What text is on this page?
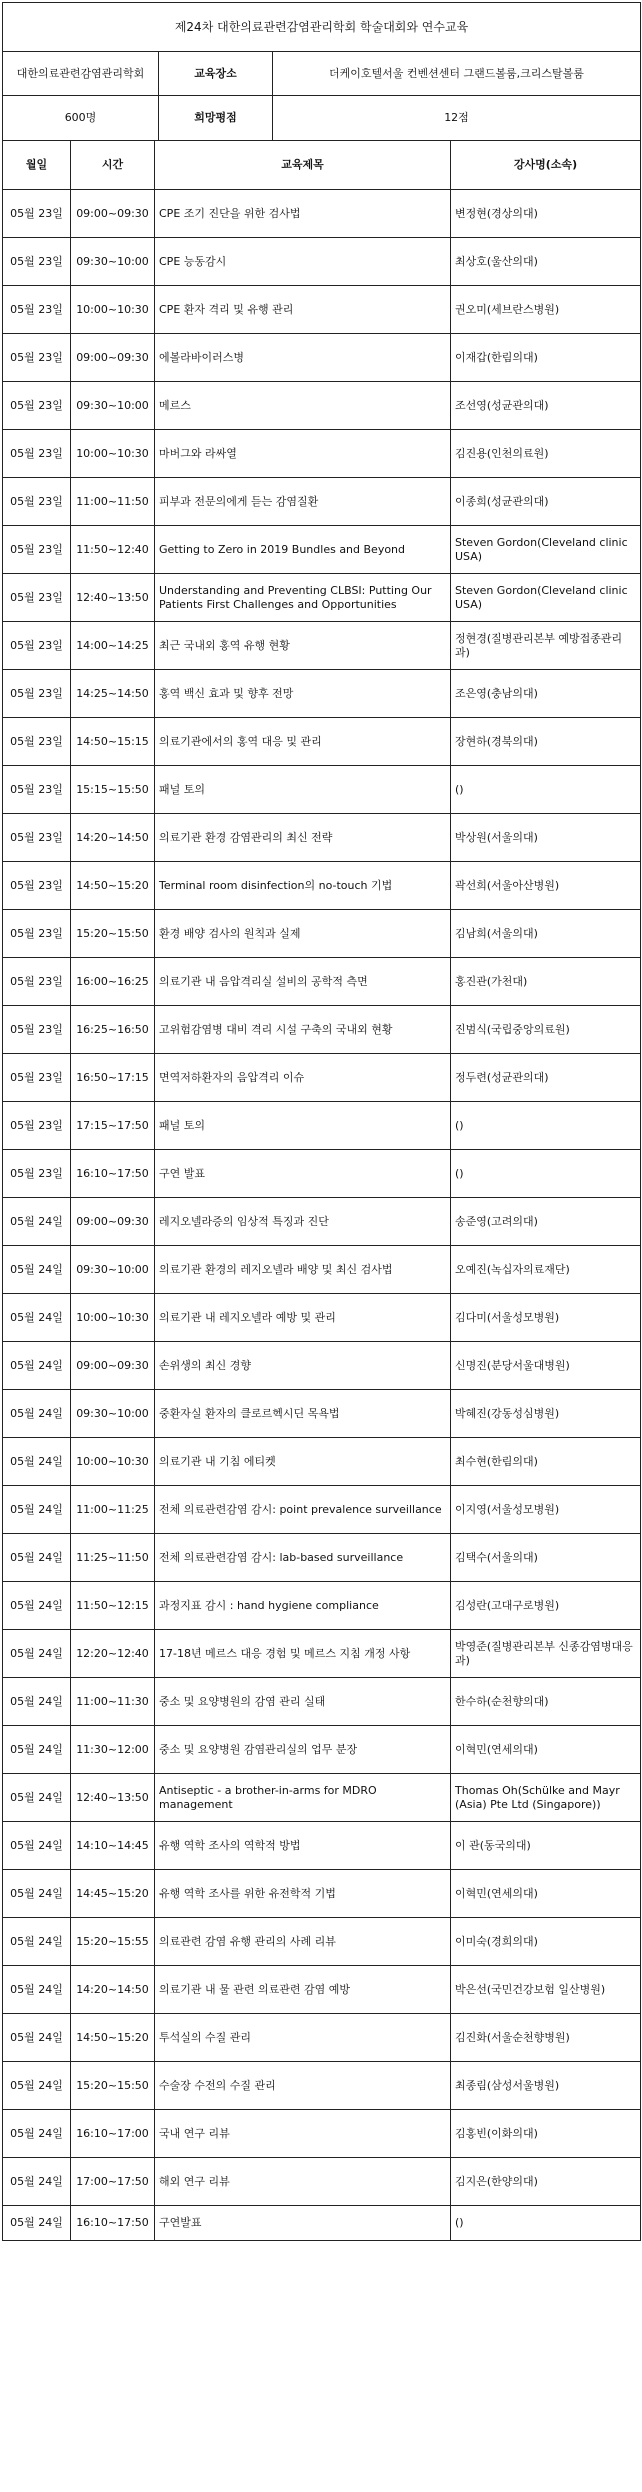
제24차 대한의료관련감염관리학회 학술대회와 연수교육		
대한의료관련감염관리학회	교육장소	더케이호텔서울 컨벤션센터 그랜드볼룸,크리스탈볼룸
600명	희망평점	12점
월일	시간	교육제목	강사명(소속)
05월 23일	09:00~09:30	CPE 조기 진단을 위한 검사법	변정현(경상의대)
05월 23일	09:30~10:00	CPE 능동감시	최상호(울산의대)
05월 23일	10:00~10:30	CPE 환자 격리 및 유행 관리	권오미(세브란스병원)
05월 23일	09:00~09:30	에볼라바이러스병	이재갑(한림의대)
05월 23일	09:30~10:00	메르스	조선영(성균관의대)
05월 23일	10:00~10:30	마버그와 라싸열	김진용(인천의료원)
05월 23일	11:00~11:50	피부과 전문의에게 듣는 감염질환	이종희(성균관의대)
05월 23일	11:50~12:40	Getting to Zero in 2019 Bundles and Beyond	Steven Gordon(Cleveland clinic USA)
05월 23일	12:40~13:50	Understanding and Preventing CLBSI: Putting Our Patients First Challenges and Opportunities	Steven Gordon(Cleveland clinic USA)
05월 23일	14:00~14:25	최근 국내외 홍역 유행 현황	정현경(질병관리본부 예방접종관리과)
05월 23일	14:25~14:50	홍역 백신 효과 및 향후 전망	조은영(충남의대)
05월 23일	14:50~15:15	의료기관에서의 홍역 대응 및 관리	장현하(경북의대)
05월 23일	15:15~15:50	패널 토의	()
05월 23일	14:20~14:50	의료기관 환경 감염관리의 최신 전략	박상원(서울의대)
05월 23일	14:50~15:20	Terminal room disinfection의 no-touch 기법	곽선희(서울아산병원)
05월 23일	15:20~15:50	환경 배양 검사의 원칙과 실제	김남희(서울의대)
05월 23일	16:00~16:25	의료기관 내 음압격리실 설비의 공학적 측면	홍진관(가천대)
05월 23일	16:25~16:50	고위험감염병 대비 격리 시설 구축의 국내외 현황	진범식(국립중앙의료원)
05월 23일	16:50~17:15	면역저하환자의 음압격리 이슈	정두련(성균관의대)
05월 23일	17:15~17:50	패널 토의	()
05월 23일	16:10~17:50	구연 발표	()
05월 24일	09:00~09:30	레지오넬라증의 임상적 특징과 진단	송준영(고려의대)
05월 24일	09:30~10:00	의료기관 환경의 레지오넬라 배양 및 최신 검사법	오예진(녹십자의료재단)
05월 24일	10:00~10:30	의료기관 내 레지오넬라 예방 및 관리	김다미(서울성모병원)
05월 24일	09:00~09:30	손위생의 최신 경향	신명진(분당서울대병원)
05월 24일	09:30~10:00	중환자실 환자의 클로르헥시딘 목욕법	박혜진(강동성심병원)
05월 24일	10:00~10:30	의료기관 내 기침 에티켓	최수현(한림의대)
05월 24일	11:00~11:25	전체 의료관련감염 감시: point prevalence surveillance	이지영(서울성모병원)
05월 24일	11:25~11:50	전체 의료관련감염 감시: lab-based surveillance	김택수(서울의대)
05월 24일	11:50~12:15	과정지표 감시 : hand hygiene compliance	김성란(고대구로병원)
05월 24일	12:20~12:40	17-18년 메르스 대응 경험 및 메르스 지침 개정 사항	박영준(질병관리본부 신종감염병대응과)
05월 24일	11:00~11:30	중소 및 요양병원의 감염 관리 실태	한수하(순천향의대)
05월 24일	11:30~12:00	중소 및 요양병원 감염관리실의 업무 분장	이혁민(연세의대)
05월 24일	12:40~13:50	Antiseptic - a brother-in-arms for MDRO management	Thomas Oh(Schülke and Mayr (Asia) Pte Ltd (Singapore))
05월 24일	14:10~14:45	유행 역학 조사의 역학적 방법	이 관(동국의대)
05월 24일	14:45~15:20	유행 역학 조사를 위한 유전학적 기법	이혁민(연세의대)
05월 24일	15:20~15:55	의료관련 감염 유행 관리의 사례 리뷰	이미숙(경희의대)
05월 24일	14:20~14:50	의료기관 내 물 관련 의료관련 감염 예방	박은선(국민건강보험 일산병원)
05월 24일	14:50~15:20	투석실의 수질 관리	김진화(서울순천향병원)
05월 24일	15:20~15:50	수술장 수전의 수질 관리	최종림(삼성서울병원)
05월 24일	16:10~17:00	국내 연구 리뷰	김홍빈(이화의대)
05월 24일	17:00~17:50	해외 연구 리뷰	김지은(한양의대)
05월 24일	16:10~17:50	구연발표	()
